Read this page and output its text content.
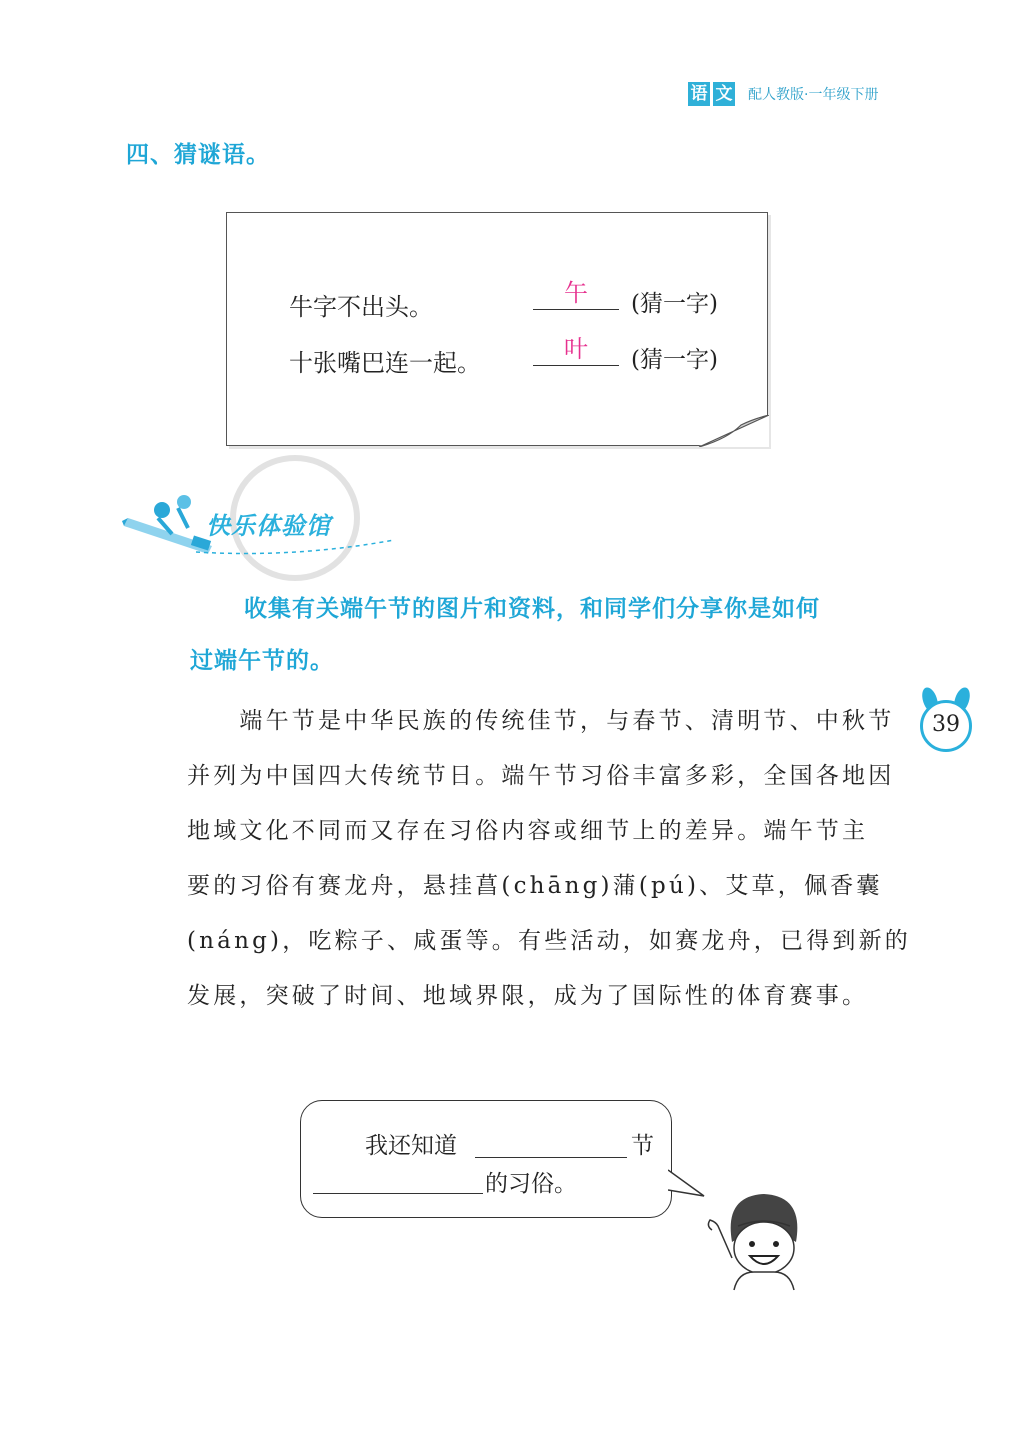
语 文 配人教版·一年级下册
四、猜谜语。
牛字不出头。	午	(猜一字)
十张嘴巴连一起。	叶	(猜一字)
快乐体验馆
收集有关端午节的图片和资料，和同学们分享你是如何
过端午节的。
　　端午节是中华民族的传统佳节，与春节、清明节、中秋节
并列为中国四大传统节日。端午节习俗丰富多彩，全国各地因
地域文化不同而又存在习俗内容或细节上的差异。端午节主
要的习俗有赛龙舟，悬挂菖(chāng)蒲(pú)、艾草，佩香囊
(náng)，吃粽子、咸蛋等。有些活动，如赛龙舟，已得到新的
发展，突破了时间、地域界限，成为了国际性的体育赛事。
39
我还知道	节
的习俗。
